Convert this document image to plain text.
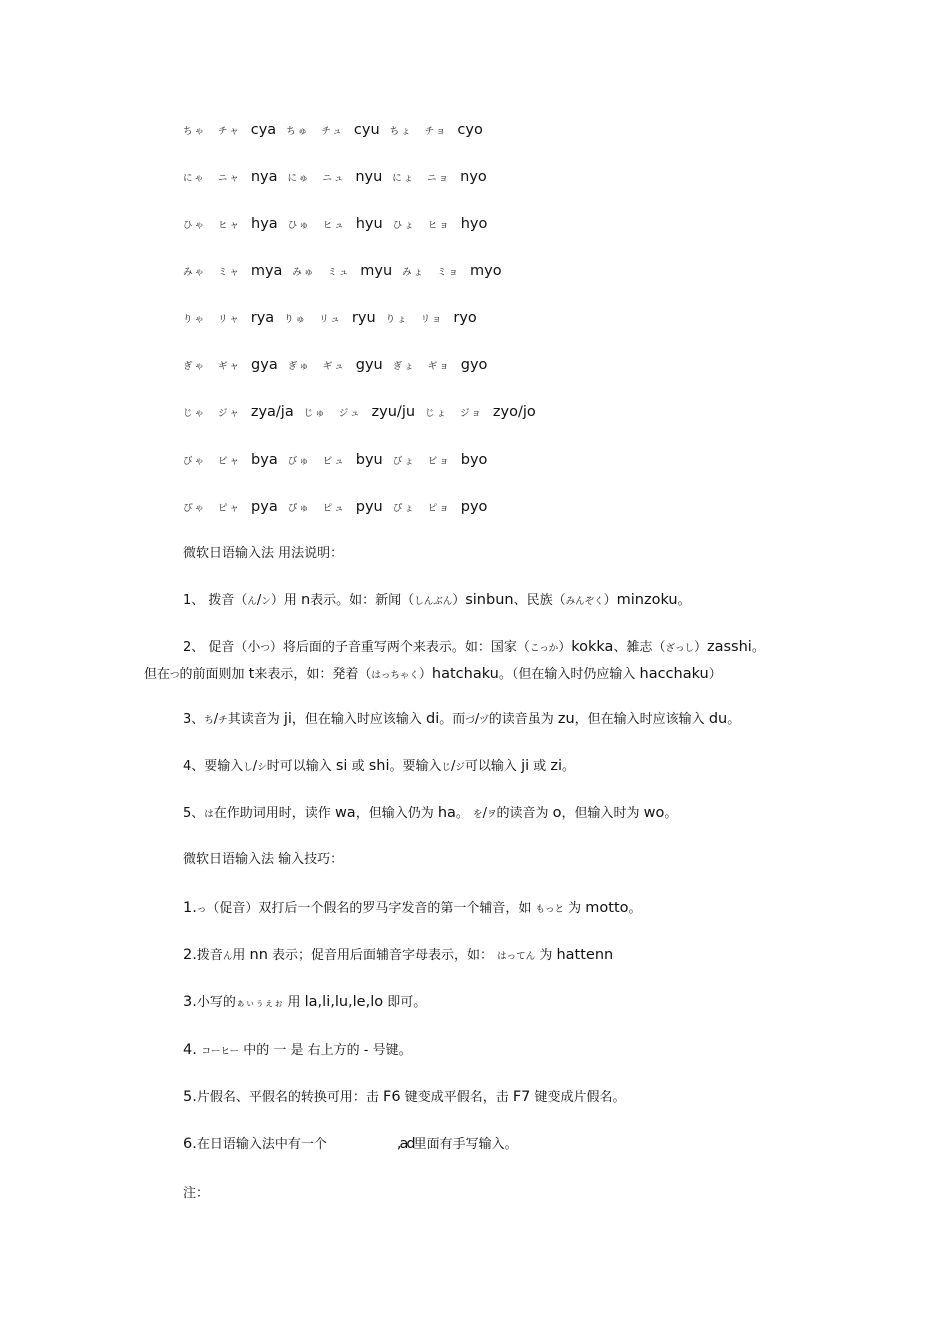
ちゃ チャ cya ちゅ チュ cyu ちょ チョ cyo
にゃ ニャ nya にゅ ニュ nyu にょ ニョ nyo
ひゃ ヒャ hya ひゅ ヒュ hyu ひょ ヒョ hyo
みゃ ミャ mya みゅ ミュ myu みょ ミョ myo
りゃ リャ rya りゅ リュ ryu りょ リョ ryo
ぎゃ ギャ gya ぎゅ ギュ gyu ぎょ ギョ gyo
じゃ ジャ zya/ja じゅ ジュ zyu/ju じょ ジョ zyo/jo
びゃ ビャ bya びゅ ビュ byu びょ ビョ byo
ぴゃ ピャ pya ぴゅ ピュ pyu ぴょ ピョ pyo
微软日语输入法 用法说明：
1、 拨音（ん/ン）用 n表示。如：新闻（しんぶん）sinbun、民族（みんぞく）minzoku。
2、 促音（小つ）将后面的子音重写两个来表示。如：国家（こっか）kokka、雑志（ざっし）zasshi。
但在つ的前面则加 t来表示，如：発着（はっちゃく）hatchaku。（但在输入时仍应输入 hacchaku）
3、ち/チ其读音为 ji，但在输入时应该输入 di。而づ/ヅ的读音虽为 zu，但在输入时应该输入 du。
4、要输入し/シ时可以输入 si 或 shi。要输入じ/ジ可以输入 ji 或 zi。
5、は在作助词用时，读作 wa，但输入仍为 ha。 を/ヲ的读音为 o，但输入时为 wo。
微软日语输入法 输入技巧：
1.っ（促音）双打后一个假名的罗马字发音的第一个辅音，如 もっと 为 motto。
2.拨音ん用 nn 表示；促音用后面辅音字母表示，如： はってん 为 hattenn
3.小写的ぁぃぅぇぉ 用 la,li,lu,le,lo 即可。
4. コーヒー 中的 一 是 右上方的 - 号键。
5.片假名、平假名的转换可用：击 F6 键变成平假名，击 F7 键变成片假名。
6.在日语输入法中有一个	,ad里面有手写输入。
注：
